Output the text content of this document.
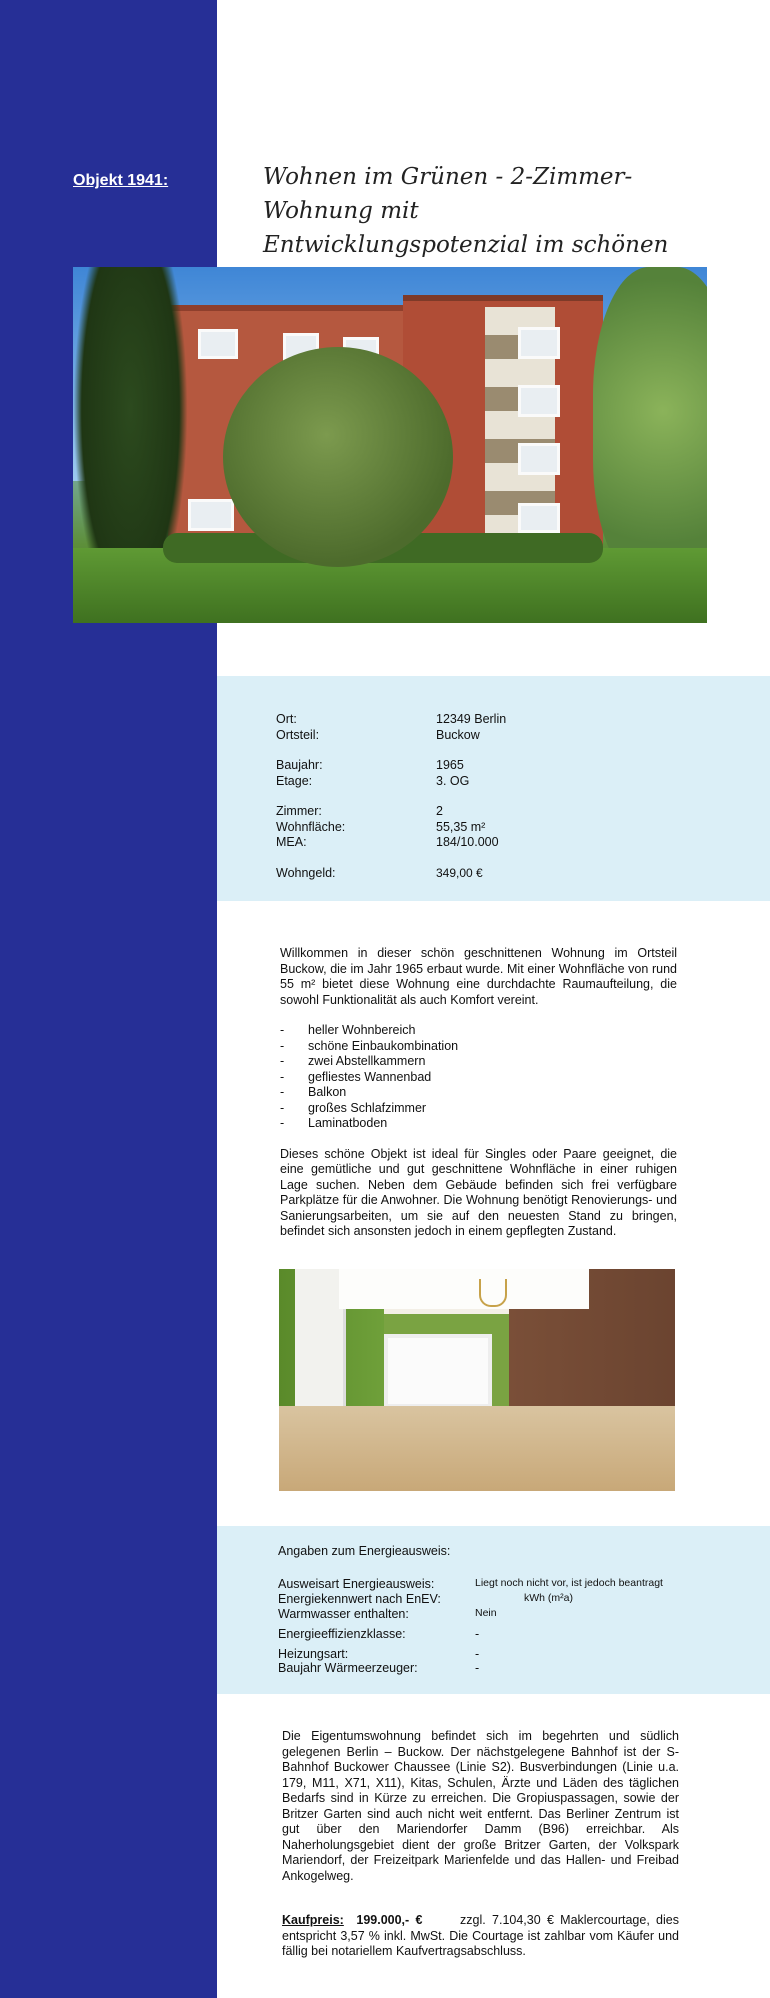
Objekt 1941:	Wohnen im Grünen - 2-Zimmer-Wohnung mit
Entwicklungspotenzial im schönen
Ort:	12349 Berlin
Ortsteil:	Buckow
Baujahr:	1965
Etage:	3. OG
Zimmer:	2
Wohnfläche:	55,35 m²
MEA:	184/10.000
Wohngeld:	349,00 €

Willkommen in dieser schön geschnittenen Wohnung im Ortsteil Buckow, die im Jahr 1965 erbaut wurde. Mit einer Wohnfläche von rund 55 m² bietet diese Wohnung eine durchdachte Raumaufteilung, die sowohl Funktionalität als auch Komfort vereint.

-	heller Wohnbereich
-	schöne Einbaukombination
-	zwei Abstellkammern
-	gefliestes Wannenbad
-	Balkon
-	großes Schlafzimmer
-	Laminatboden

Dieses schöne Objekt ist ideal für Singles oder Paare geeignet, die eine gemütliche und gut geschnittene Wohnfläche in einer ruhigen Lage suchen. Neben dem Gebäude befinden sich frei verfügbare Parkplätze für die Anwohner. Die Wohnung benötigt Renovierungs- und Sanierungsarbeiten, um sie auf den neuesten Stand zu bringen, befindet sich ansonsten jedoch in einem gepflegten Zustand.

Angaben zum Energieausweis:
Ausweisart Energieausweis:	Liegt noch nicht vor, ist jedoch beantragt
Energiekennwert nach EnEV:	kWh (m²a)
Warmwasser enthalten:	Nein
Energieeffizienzklasse:	-
Heizungsart:	-
Baujahr Wärmeerzeuger:	-
Die Eigentumswohnung befindet sich im begehrten und südlich gelegenen Berlin – Buckow. Der nächstgelegene Bahnhof ist der S-Bahnhof Buckower Chaussee (Linie S2). Busverbindungen (Linie u.a. 179, M11, X71, X11), Kitas, Schulen, Ärzte und Läden des täglichen Bedarfs sind in Kürze zu erreichen. Die Gropiuspassagen, sowie der Britzer Garten sind auch nicht weit entfernt. Das Berliner Zentrum ist gut über den Mariendorfer Damm (B96) erreichbar. Als Naherholungsgebiet dient der große Britzer Garten, der Volkspark Mariendorf, der Freizeitpark Marienfelde und das Hallen- und Freibad Ankogelweg.
Kaufpreis: 199.000,- €	zzgl. 7.104,30 € Maklercourtage, dies entspricht 3,57 % inkl. MwSt. Die Courtage ist zahlbar vom Käufer und fällig bei notariellem Kaufvertragsabschluss.
